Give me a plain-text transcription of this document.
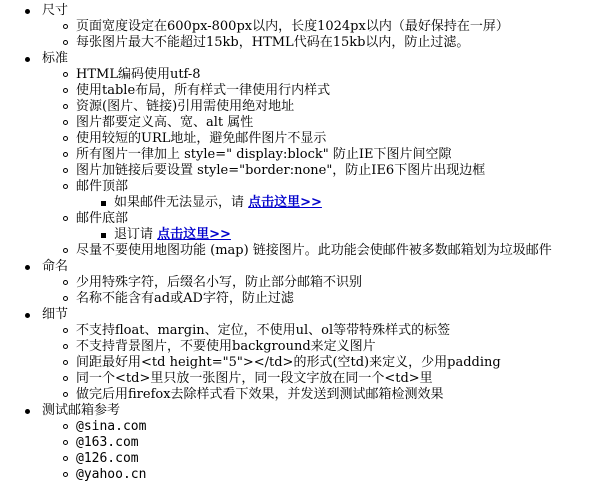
尺寸
页面宽度设定在600px-800px以内，长度1024px以内（最好保持在一屏）
每张图片最大不能超过15kb，HTML代码在15kb以内，防止过滤。
标准
HTML编码使用utf-8
使用table布局，所有样式一律使用行内样式
资源(图片、链接)引用需使用绝对地址
图片都要定义高、宽、alt 属性
使用较短的URL地址，避免邮件图片不显示
所有图片一律加上 style=" display:block" 防止IE下图片间空隙
图片加链接后要设置 style="border:none"，防止IE6下图片出现边框
邮件顶部
如果邮件无法显示，请 点击这里>>
邮件底部
退订请 点击这里>>
尽量不要使用地图功能 (map) 链接图片。此功能会使邮件被多数邮箱划为垃圾邮件
命名
少用特殊字符，后缀名小写，防止部分邮箱不识别
名称不能含有ad或AD字符，防止过滤
细节
不支持float、margin、定位，不使用ul、ol等带特殊样式的标签
不支持背景图片，不要使用background来定义图片
间距最好用<td height="5"></td>的形式(空td)来定义，少用padding
同一个<td>里只放一张图片，同一段文字放在同一个<td>里
做完后用firefox去除样式看下效果，并发送到测试邮箱检测效果
测试邮箱参考
@sina.com
@163.com
@126.com
@yahoo.cn
